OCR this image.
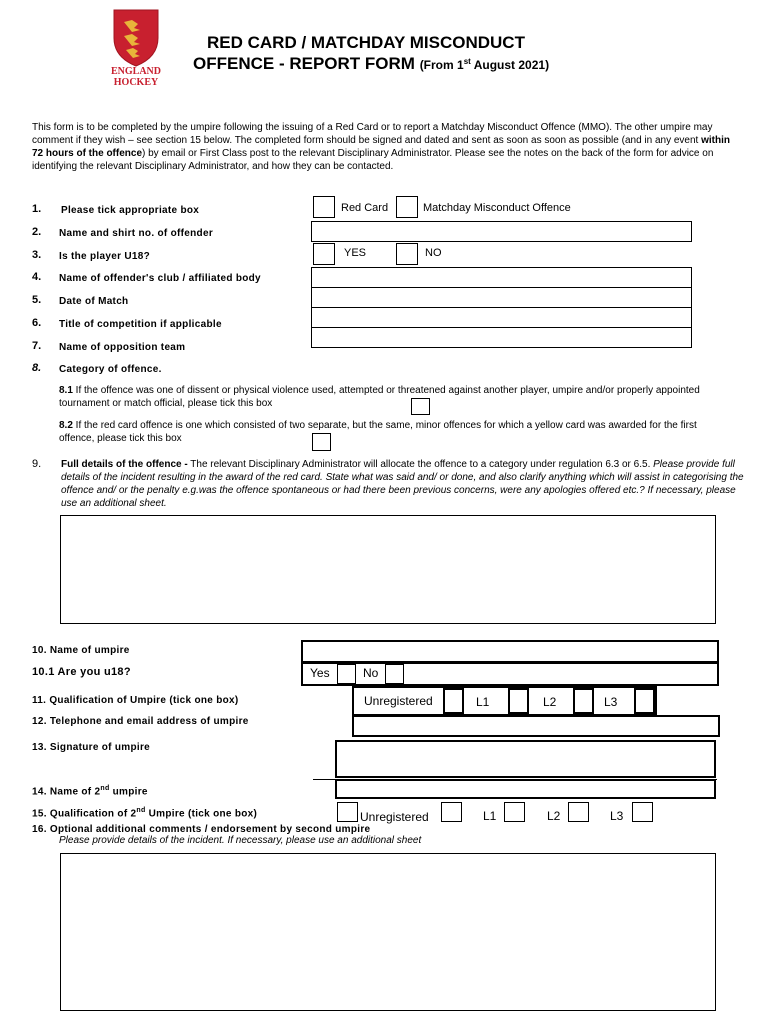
ENGLAND
HOCKEY
RED CARD / MATCHDAY MISCONDUCT
OFFENCE - REPORT FORM (From 1st August 2021)
This form is to be completed by the umpire following the issuing of a Red Card or to report a Matchday Misconduct Offence (MMO). The other umpire may comment if they wish – see section 15 below. The completed form should be signed and dated and sent as soon as soon as possible (and in any event within 72 hours of the offence) by email or First Class post to the relevant Disciplinary Administrator. Please see the notes on the back of the form for advice on identifying the relevant Disciplinary Administrator, and how they can be contacted.
1. Please tick appropriate box	Red Card	Matchday Misconduct Offence
2. Name and shirt no. of offender
3. Is the player U18?	YES	NO
4. Name of offender's club / affiliated body
5. Date of Match
6. Title of competition if applicable
7. Name of opposition team
8. Category of offence.
8.1 If the offence was one of dissent or physical violence used, attempted or threatened against another player, umpire and/or properly appointed tournament or match official, please tick this box
8.2 If the red card offence is one which consisted of two separate, but the same, minor offences for which a yellow card was awarded for the first offence, please tick this box
9. Full details of the offence - The relevant Disciplinary Administrator will allocate the offence to a category under regulation 6.3 or 6.5. Please provide full details of the incident resulting in the award of the red card. State what was said and/ or done, and also clarify anything which will assist in categorising the offence and/ or the penalty e.g.was the offence spontaneous or had there been previous concerns, were any apologies offered etc.? If necessary, please use an additional sheet.
10. Name of umpire
10.1 Are you u18?	Yes	No
11. Qualification of Umpire (tick one box)	Unregistered	L1	L2	L3
12. Telephone and email address of umpire
13. Signature of umpire
14. Name of 2nd umpire
15. Qualification of 2nd Umpire (tick one box)	Unregistered	L1	L2	L3
16. Optional additional comments / endorsement by second umpire
Please provide details of the incident. If necessary, please use an additional sheet
